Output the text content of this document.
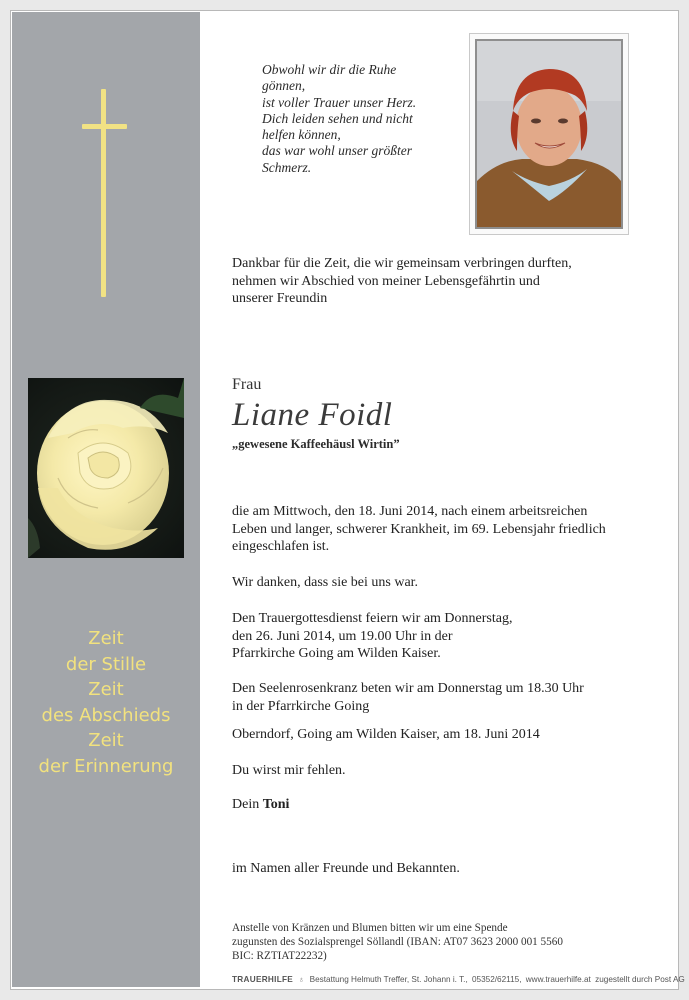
Zeit
der Stille
Zeit
des Abschieds
Zeit
der Erinnerung
Obwohl wir dir die Ruhe
gönnen,
ist voller Trauer unser Herz.
Dich leiden sehen und nicht
helfen können,
das war wohl unser größter
Schmerz.
Dankbar für die Zeit, die wir gemeinsam verbringen durften,
nehmen wir Abschied von meiner Lebensgefährtin und
unserer Freundin
Frau
Liane Foidl
„gewesene Kaffeehäusl Wirtin”
die am Mittwoch, den 18. Juni 2014, nach einem arbeitsreichen
Leben und langer, schwerer Krankheit, im 69. Lebensjahr friedlich
eingeschlafen ist.
Wir danken, dass sie bei uns war.
Den Trauergottesdienst feiern wir am Donnerstag,
den 26. Juni 2014, um 19.00 Uhr in der
Pfarrkirche Going am Wilden Kaiser.
Den Seelenrosenkranz beten wir am Donnerstag um 18.30 Uhr
in der Pfarrkirche Going
Oberndorf, Going am Wilden Kaiser, am 18. Juni 2014
Du wirst mir fehlen.
Dein Toni
im Namen aller Freunde und Bekannten.
Anstelle von Kränzen und Blumen bitten wir um eine Spende
zugunsten des Sozialsprengel Söllandl (IBAN: AT07 3623 2000 001 5560
BIC: RZTIAT22232)
TRAUERHILFE ♁ Bestattung Helmuth Treffer, St. Johann i. T., 05352/62115, www.trauerhilfe.at zugestellt durch Post AG
